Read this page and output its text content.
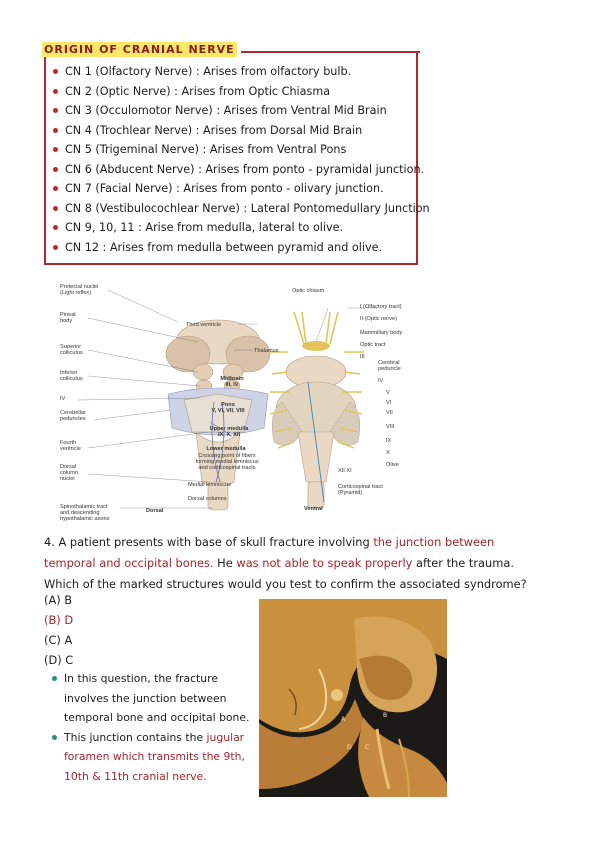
ORIGIN OF CRANIAL NERVE
CN 1 (Olfactory Nerve) : Arises from olfactory bulb.
CN 2 (Optic Nerve) : Arises from Optic Chiasma
CN 3 (Occulomotor Nerve) : Arises from Ventral Mid Brain
CN 4 (Trochlear Nerve) : Arises from Dorsal Mid Brain
CN 5 (Trigeminal Nerve) : Arises from Ventral Pons
CN 6 (Abducent Nerve) : Arises from ponto - pyramidal junction.
CN 7 (Facial Nerve) : Arises from ponto - olivary junction.
CN 8 (Vestibulocochlear Nerve) : Lateral Pontomedullary Junction
CN 9, 10, 11 : Arise from medulla, lateral to olive.
CN 12 : Arises from medulla between pyramid and olive.
Pretectal nuclei
(Light reflex)
Pineal
body
Superior
colliculus
Inferior
colliculus
IV
Cerebellar
peduncles
Fourth
ventricle
Dorsal
column
nuclei
Spinothalamic tract
and descending
hypothalamic axons
Dorsal
Third ventricle
Thalamus
Midbrain
III, IV
Pons
V, VI, VII, VIII
Upper medulla
IX, X, XII
Lower medulla
Crossing point of fibers
forming medial lemniscus
and corticospinal tracts
Medial lemniscus
Dorsal columns
Optic chiasm
I (Olfactory tract)
II (Optic nerve)
Mammillary body
Optic tract
III
Cerebral
peduncle
IV
V
VI
VII
VIII
IX
X
XII XI
Olive
Corticospinal tract
(Pyramid)
Ventral
4. A patient presents with base of skull fracture involving the junction between temporal and occipital bones. He was not able to speak properly after the trauma. Which of the marked structures would you test to confirm the associated syndrome?
(A) B
(B) D
(C) A
(D) C
In this question, the fracture involves the junction between temporal bone and occipital bone.
This junction contains the jugular foramen which transmits the 9th, 10th & 11th cranial nerve.
A
B
C
D
